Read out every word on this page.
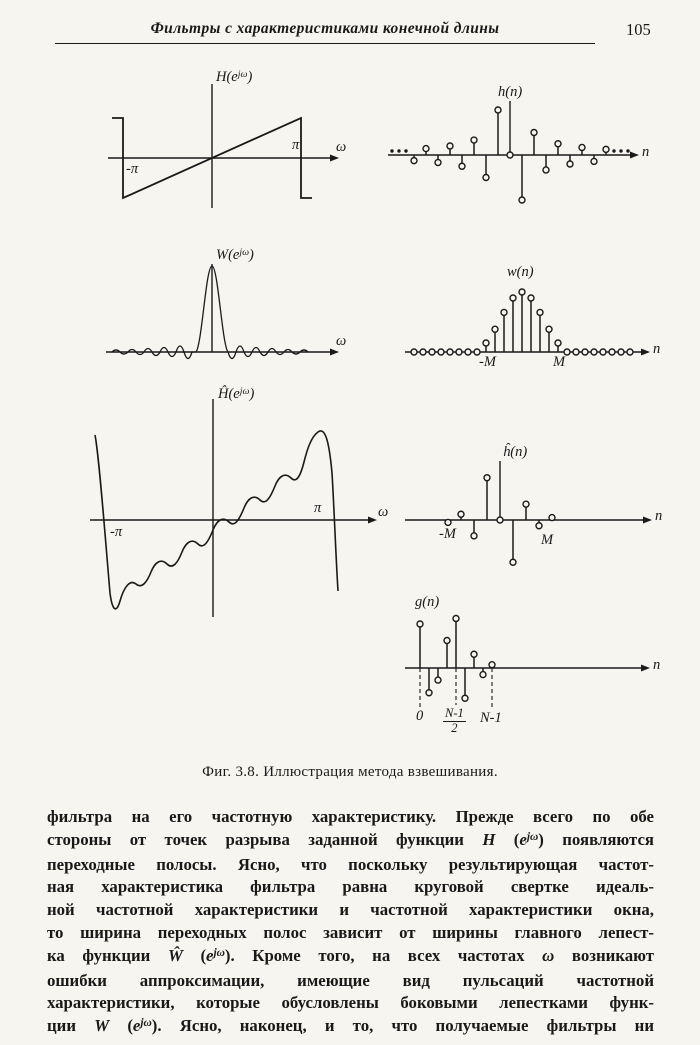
Фильтры с характеристиками конечной длины	105
$H(e^{j\omega})$
ω
-π
π
h(n)
n
$W(e^{j\omega})$
ω
w(n)
-M	M
n
$Ĥ(e^{j\omega})$
ω
-π
π
ĥ(n)
-M	M
n
g(n)
$0 \frac{N-1}{2} N-1$
n
Фиг. 3.8. Иллюстрация метода взвешивания.
фильтра на его частотную характеристику. Прежде всего по обе
стороны от точек разрыва заданной функции H $(e^{j\omega})$ появляются
переходные полосы. Ясно, что поскольку результирующая частот-
ная характеристика фильтра равна круговой свертке идеаль-
ной частотной характеристики и частотной характеристики окна,
то ширина переходных полос зависит от ширины главного лепест-
ка функции Ŵ $(e^{j\omega})$. Кроме того, на всех частотах ω возникают
ошибки аппроксимации, имеющие вид пульсаций частотной
характеристики, которые обусловлены боковыми лепестками функ-
ции W $(e^{j\omega})$. Ясно, наконец, и то, что получаемые фильтры ни
